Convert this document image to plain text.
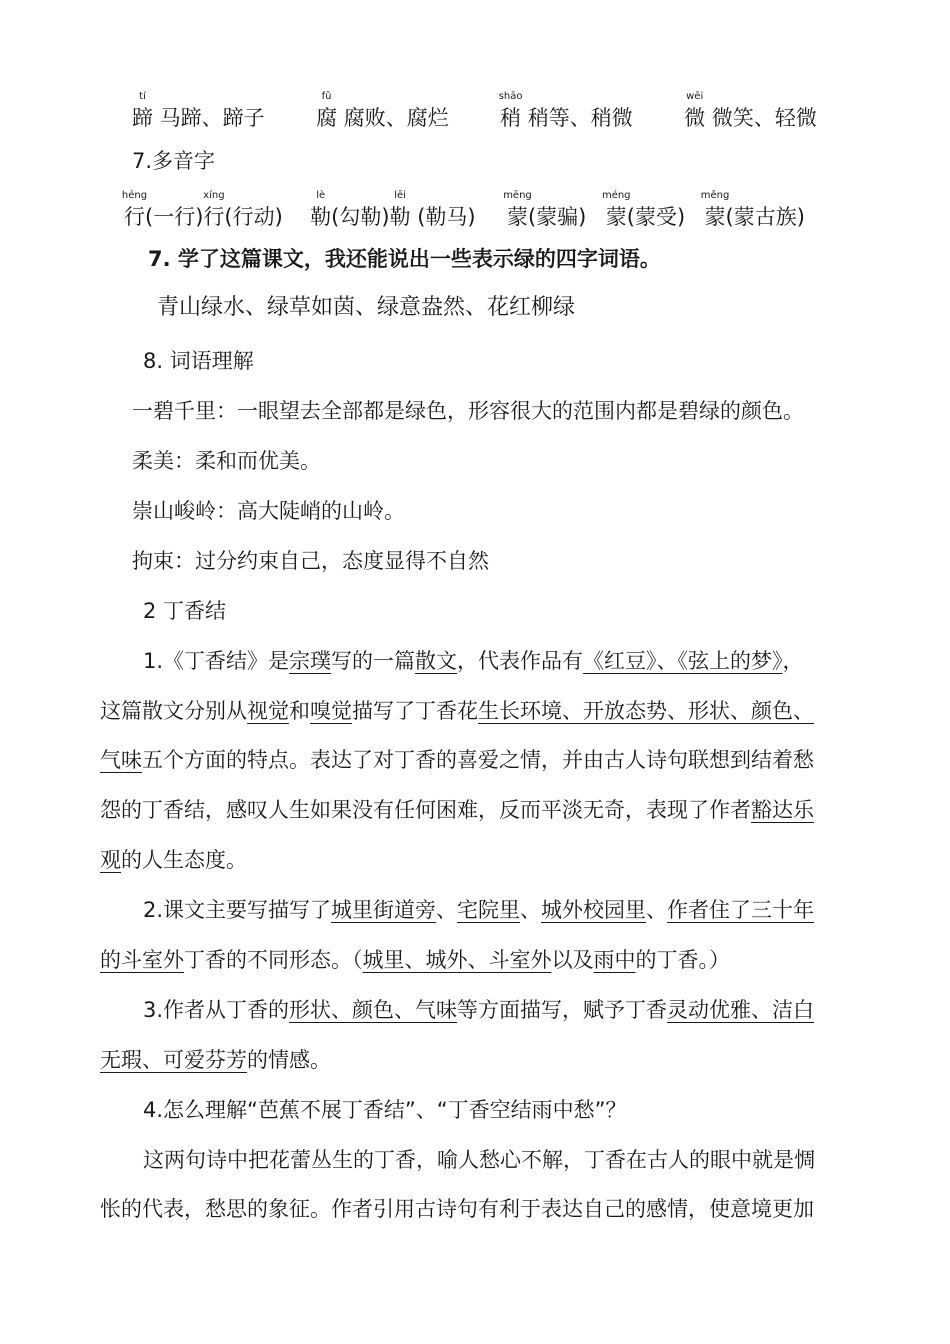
tí
蹄 马蹄、蹄子
fǔ
腐 腐败、腐烂
shāo
稍 稍等、稍微
wēi
微 微笑、轻微
7.多音字
héng
行(一行)
xíng
行(行动)
lè
勒(勾勒)
lēi
勒 (勒马)
mēng
蒙(蒙骗)
méng
蒙(蒙受)
měng
蒙(蒙古族)
7. 学了这篇课文，我还能说出一些表示绿的四字词语。
青山绿水、绿草如茵、绿意盎然、花红柳绿
8. 词语理解
一碧千里：一眼望去全部都是绿色，形容很大的范围内都是碧绿的颜色。
柔美：柔和而优美。
崇山峻岭：高大陡峭的山岭。
拘束：过分约束自己，态度显得不自然
2 丁香结
1.《丁香结》是宗璞写的一篇散文，代表作品有《红豆》、《弦上的梦》，
这篇散文分别从视觉和嗅觉描写了丁香花生长环境、开放态势、形状、颜色、
气味五个方面的特点。表达了对丁香的喜爱之情，并由古人诗句联想到结着愁
怨的丁香结，感叹人生如果没有任何困难，反而平淡无奇，表现了作者豁达乐
观的人生态度。
2.课文主要写描写了城里街道旁、宅院里、城外校园里、作者住了三十年
的斗室外丁香的不同形态。（城里、城外、斗室外以及雨中的丁香。）
3.作者从丁香的形状、颜色、气味等方面描写，赋予丁香灵动优雅、洁白
无瑕、可爱芬芳的情感。
4.怎么理解“芭蕉不展丁香结”、“丁香空结雨中愁”？
这两句诗中把花蕾丛生的丁香，喻人愁心不解，丁香在古人的眼中就是惆
怅的代表，愁思的象征。作者引用古诗句有利于表达自己的感情，使意境更加
